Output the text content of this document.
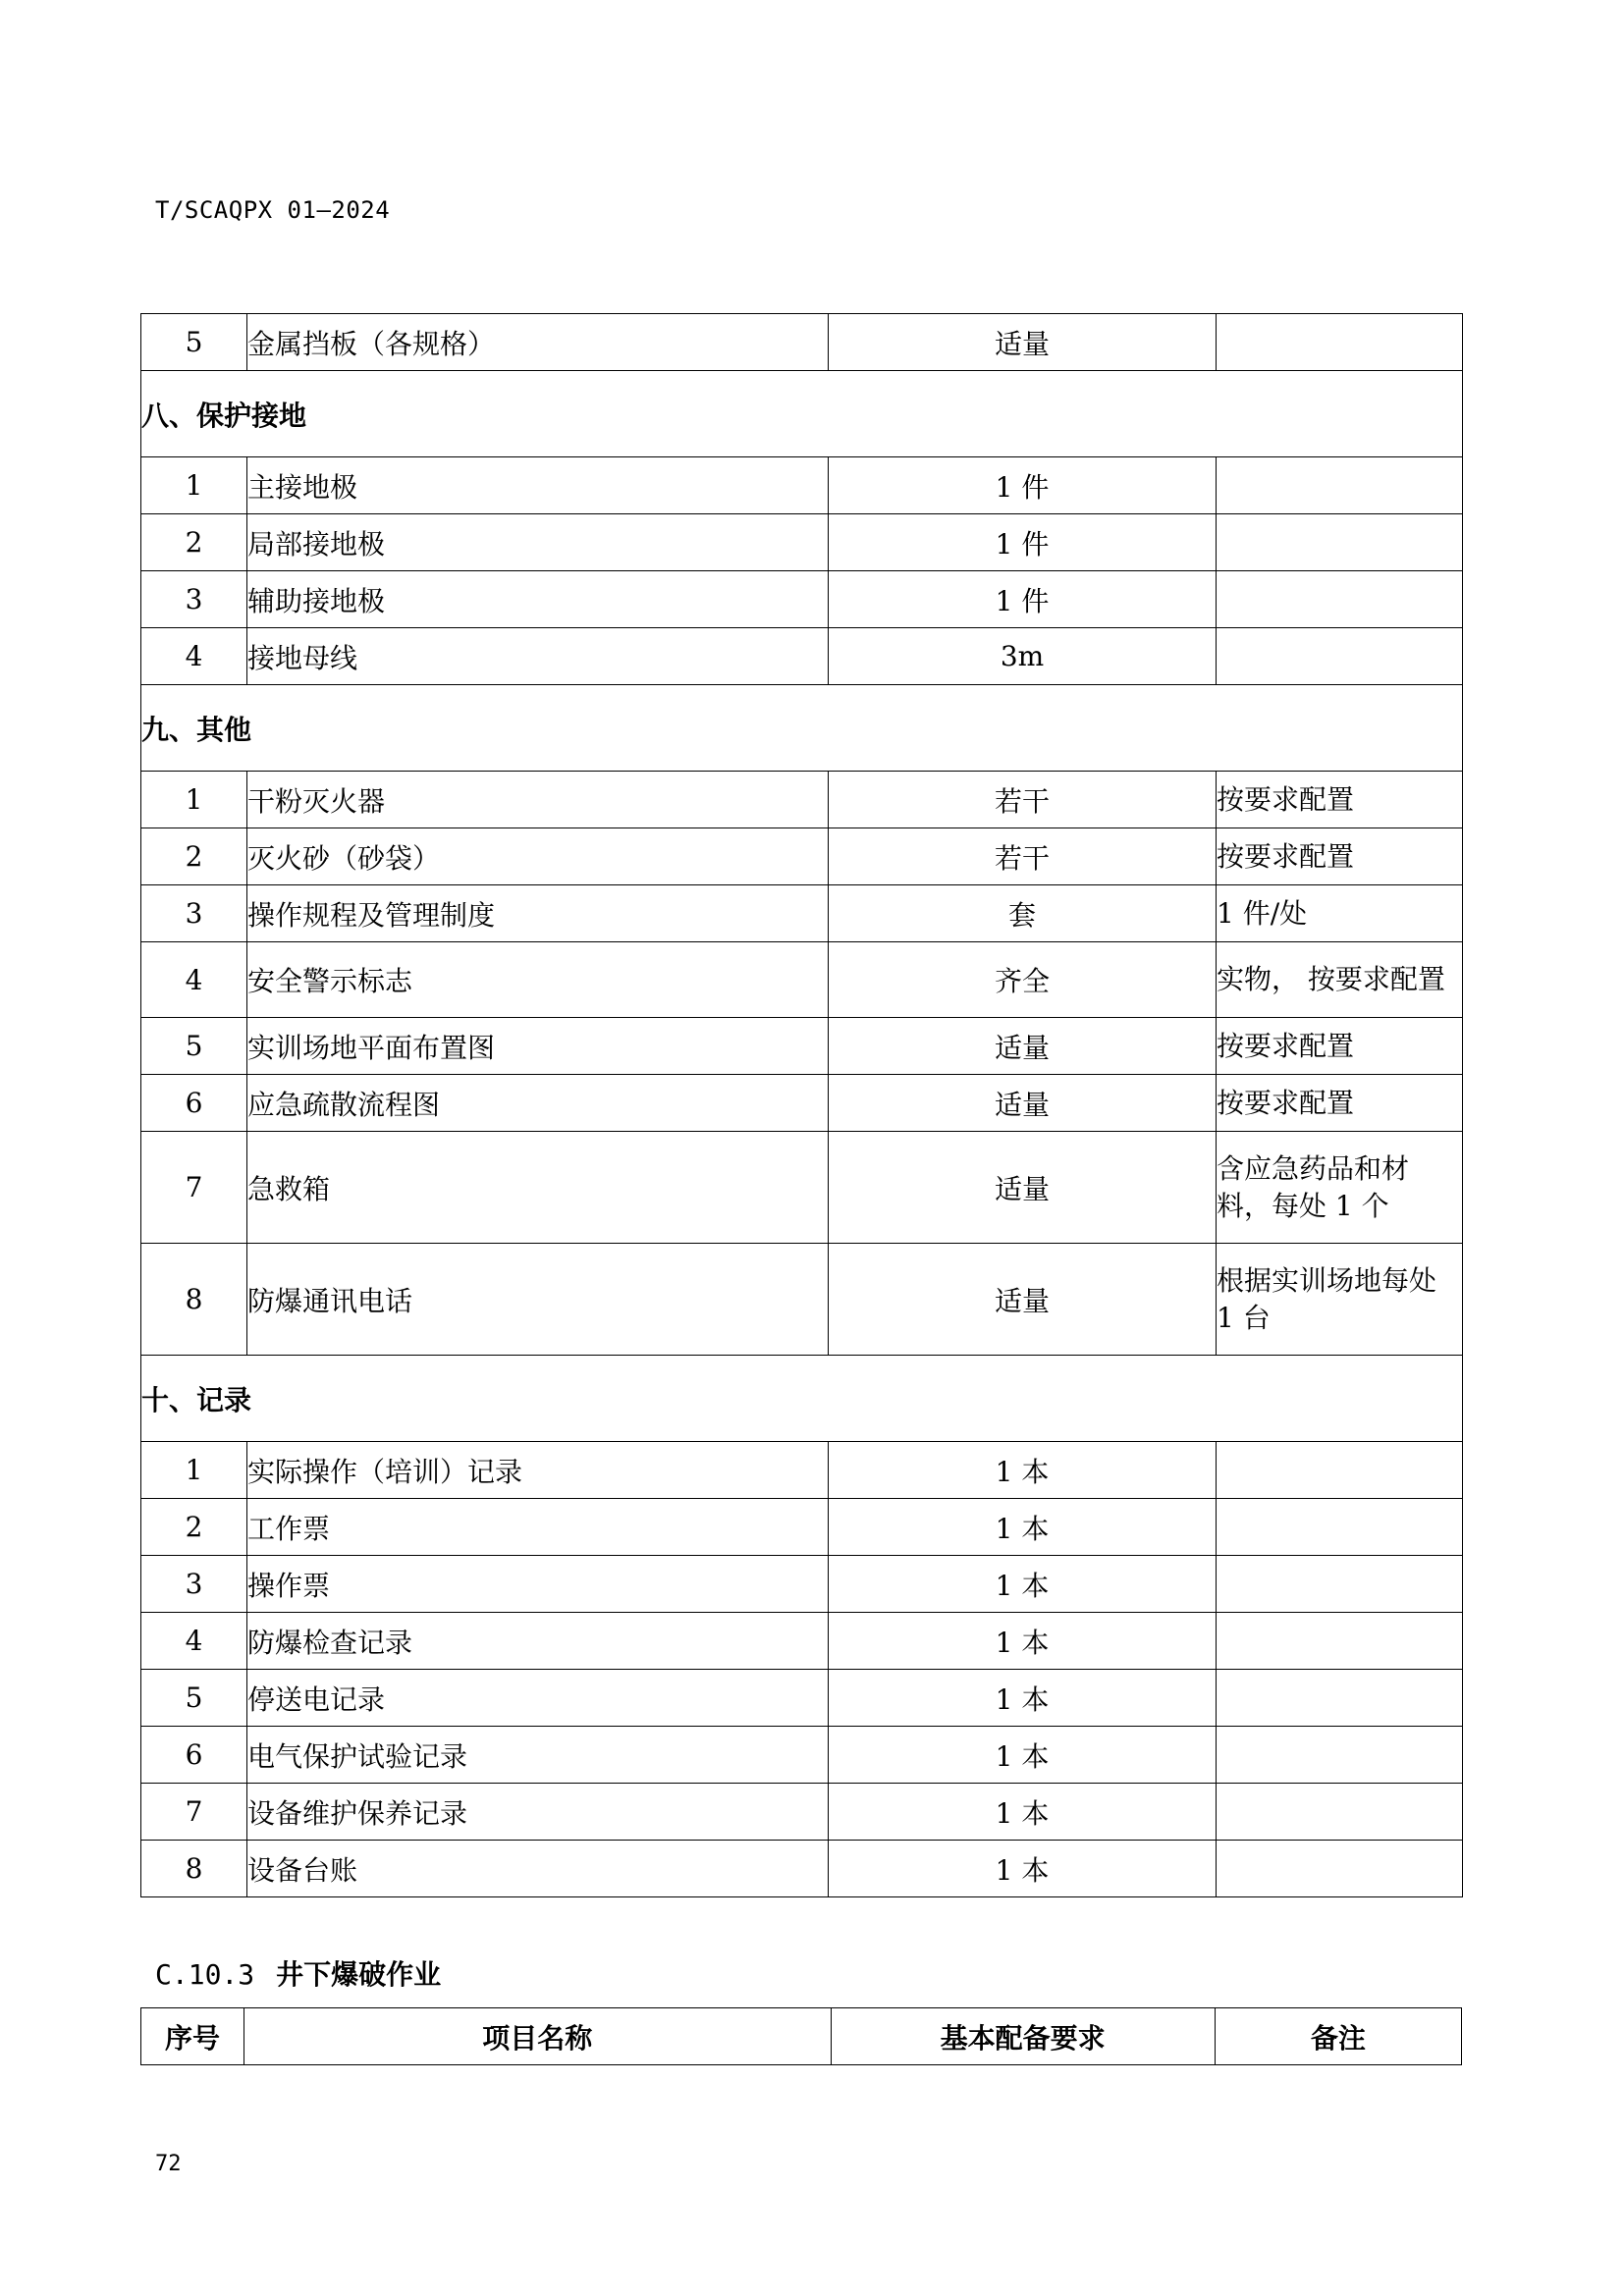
T/SCAQPX 01—2024
5	金属挡板（各规格）	适量	
八、保护接地			
1	主接地极	1 件	
2	局部接地极	1 件	
3	辅助接地极	1 件	
4	接地母线	3m	
九、其他			
1	干粉灭火器	若干	按要求配置
2	灭火砂（砂袋）	若干	按要求配置
3	操作规程及管理制度	套	1 件/处
4	安全警示标志	齐全	实物， 按要求配置
5	实训场地平面布置图	适量	按要求配置
6	应急疏散流程图	适量	按要求配置
7	急救箱	适量	含应急药品和材料，每处 1 个
8	防爆通讯电话	适量	根据实训场地每处 1 台
十、记录			
1	实际操作（培训）记录	1 本	
2	工作票	1 本	
3	操作票	1 本	
4	防爆检查记录	1 本	
5	停送电记录	1 本	
6	电气保护试验记录	1 本	
7	设备维护保养记录	1 本	
8	设备台账	1 本	
C.10.3 井下爆破作业
序号	项目名称	基本配备要求	备注
72
